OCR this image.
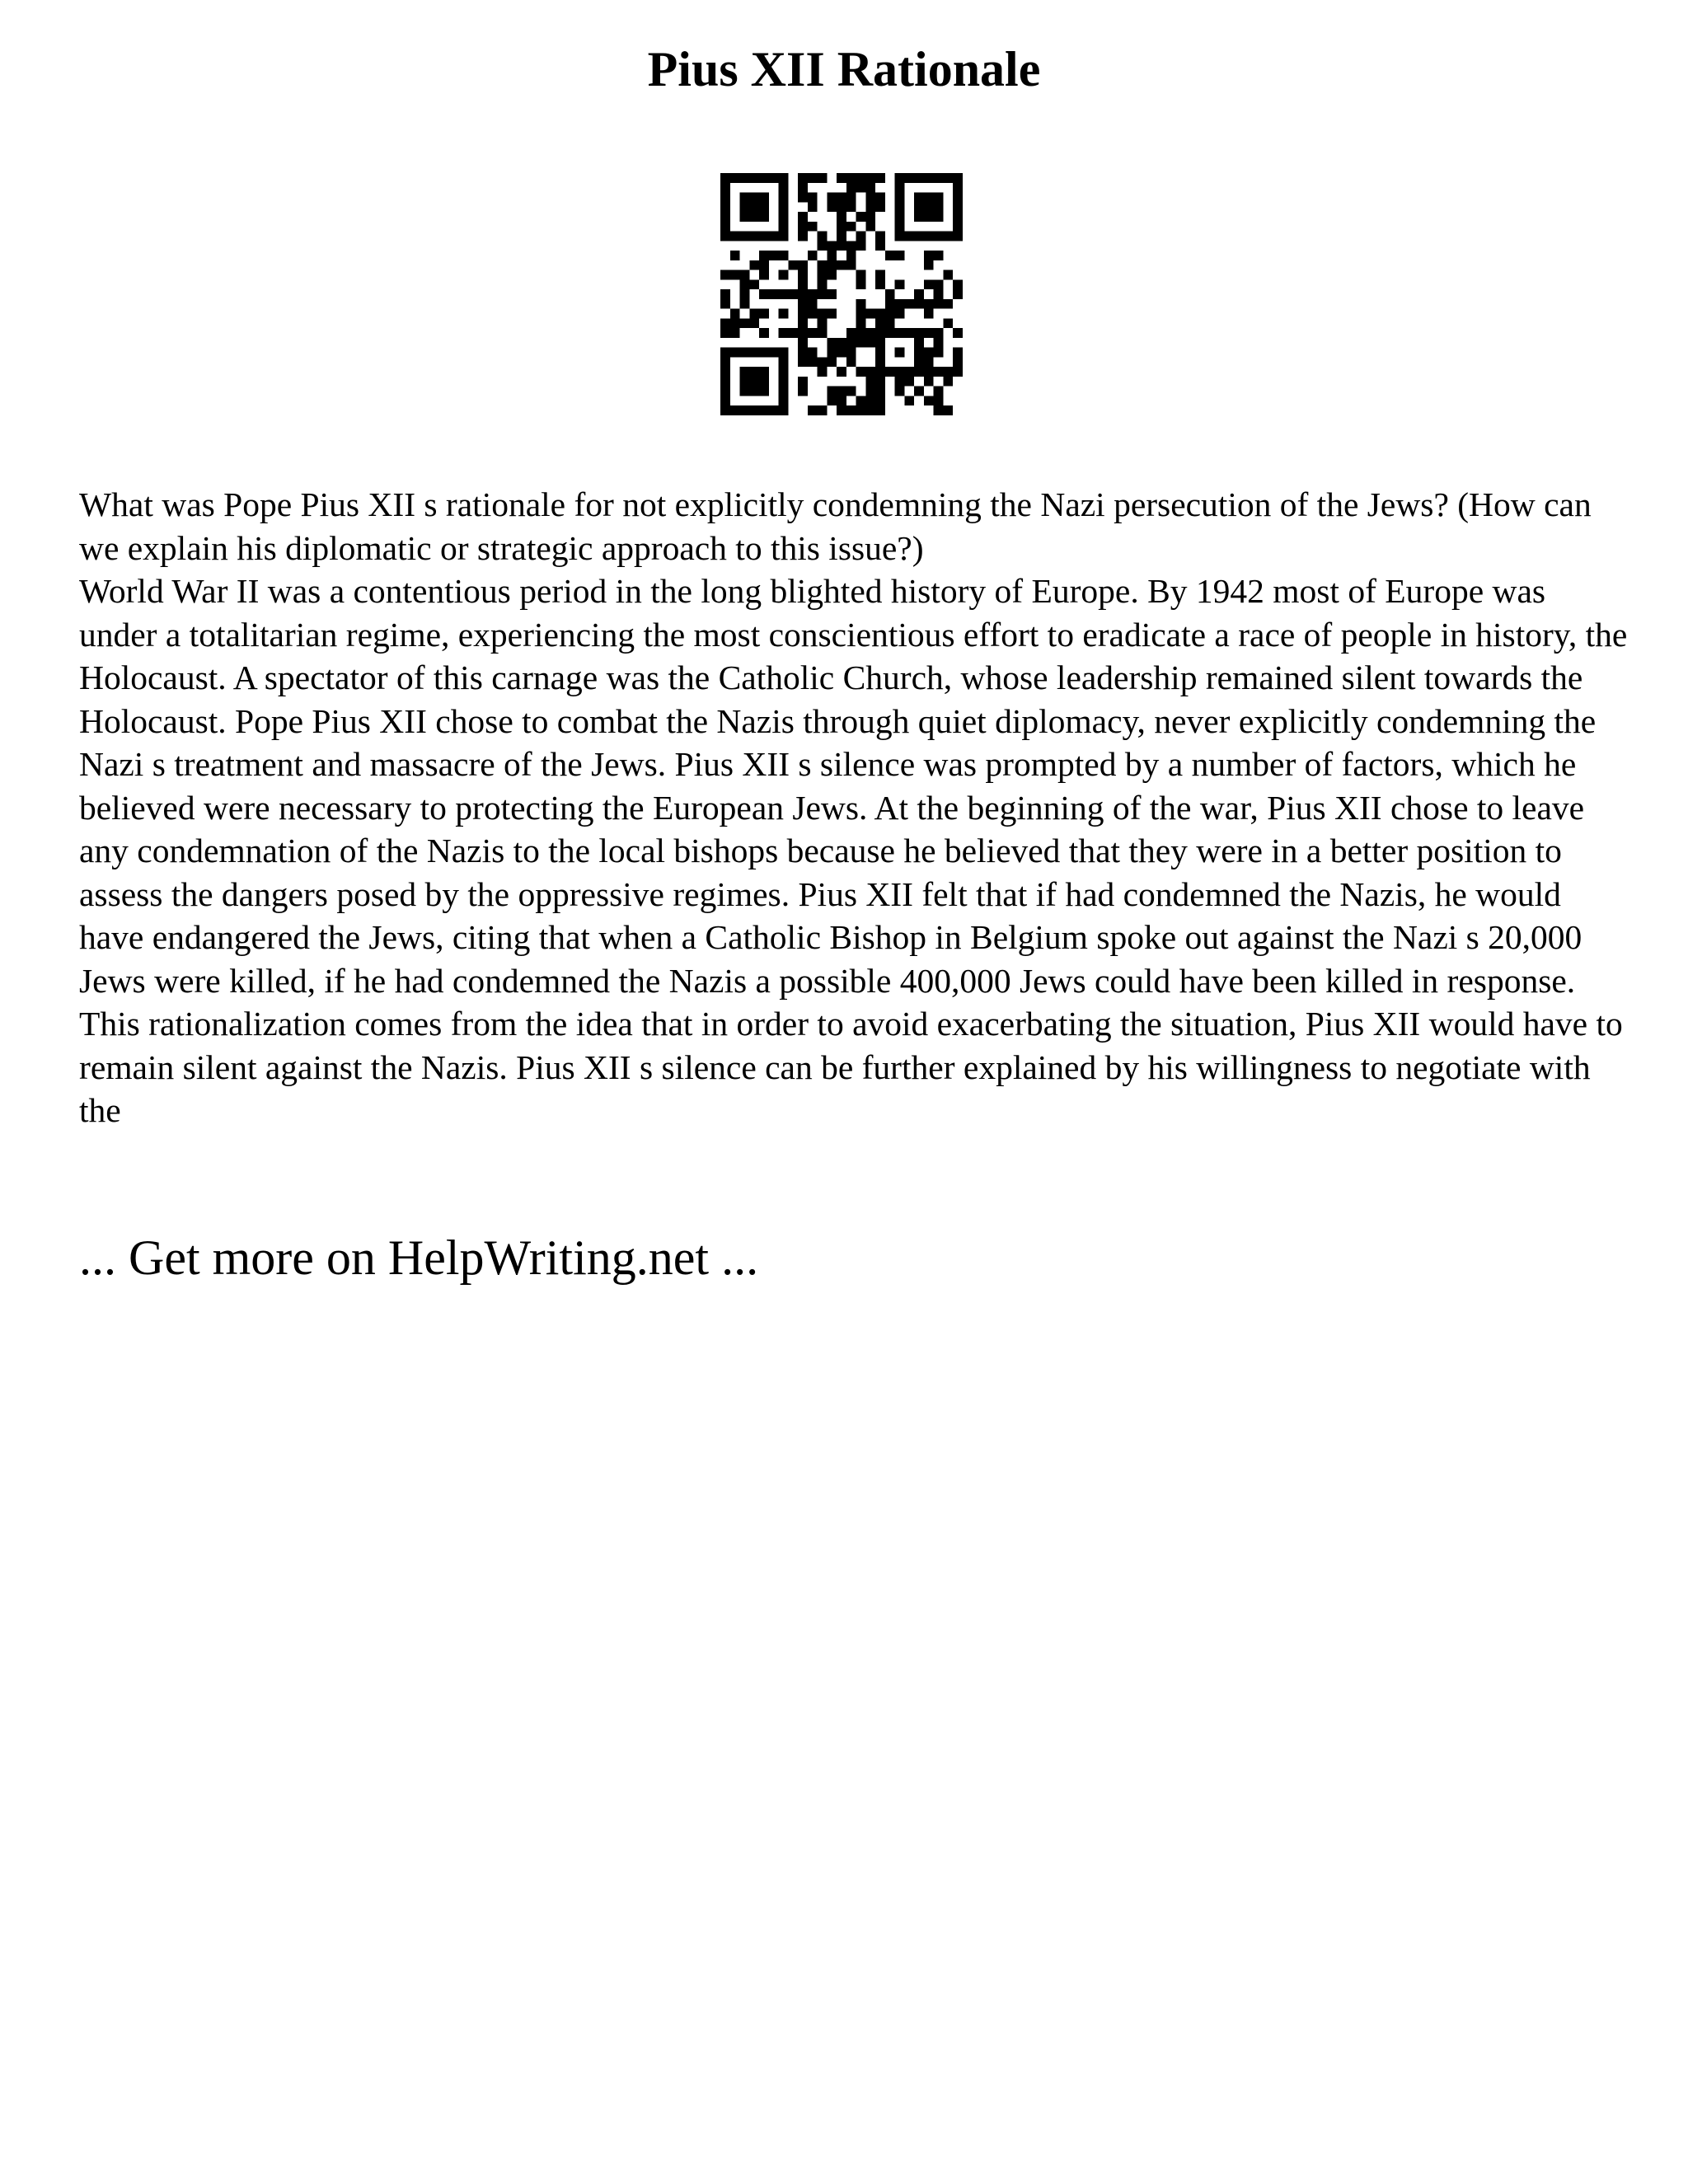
Pius XII Rationale

What was Pope Pius XII s rationale for not explicitly condemning the Nazi persecution of the Jews? (How can we explain his diplomatic or strategic approach to this issue?)

World War II was a contentious period in the long blighted history of Europe. By 1942 most of Europe was under a totalitarian regime, experiencing the most conscientious effort to eradicate a race of people in history, the Holocaust. A spectator of this carnage was the Catholic Church, whose leadership remained silent towards the Holocaust. Pope Pius XII chose to combat the Nazis through quiet diplomacy, never explicitly condemning the Nazi s treatment and massacre of the Jews. Pius XII s silence was prompted by a number of factors, which he believed were necessary to protecting the European Jews. At the beginning of the war, Pius XII chose to leave any condemnation of the Nazis to the local bishops because he believed that they were in a better position to assess the dangers posed by the oppressive regimes. Pius XII felt that if had condemned the Nazis, he would have endangered the Jews, citing that when a Catholic Bishop in Belgium spoke out against the Nazi s 20,000 Jews were killed, if he had condemned the Nazis a possible 400,000 Jews could have been killed in response. This rationalization comes from the idea that in order to avoid exacerbating the situation, Pius XII would have to remain silent against the Nazis. Pius XII s silence can be further explained by his willingness to negotiate with the

... Get more on HelpWriting.net ...
